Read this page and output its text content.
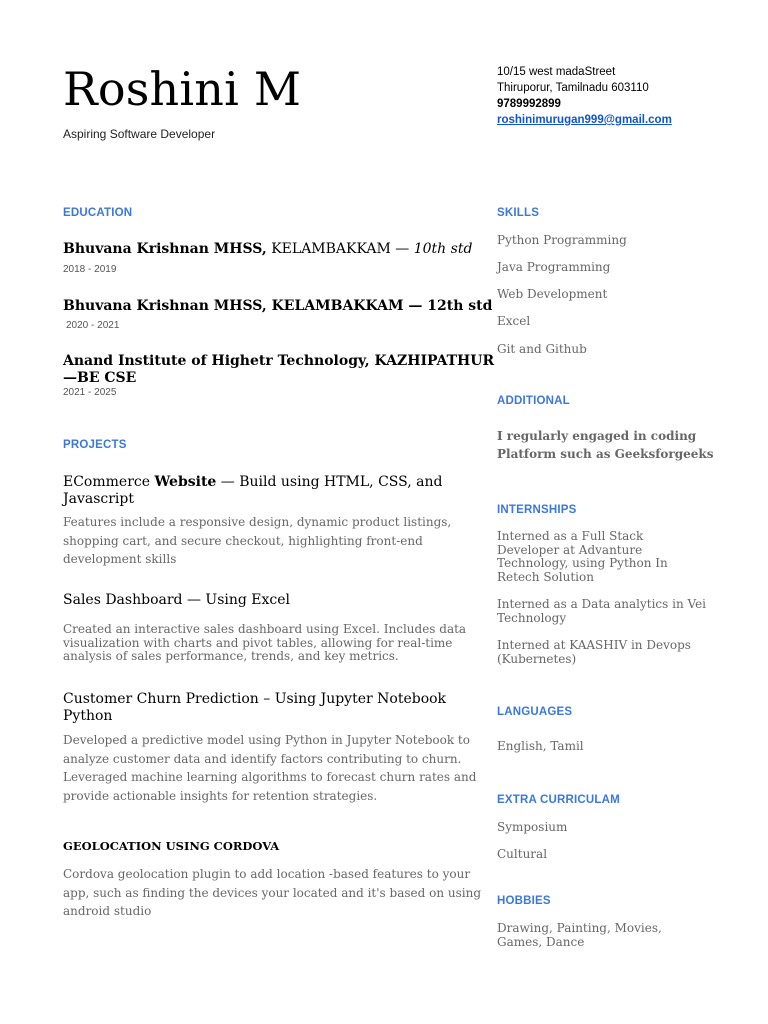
Roshini M
Aspiring Software Developer
10/15 west madaStreet
Thiruporur, Tamilnadu 603110
9789992899
roshinimurugan999@gmail.com
EDUCATION
Bhuvana Krishnan MHSS, KELAMBAKKAM — 10th std
2018 - 2019
Bhuvana Krishnan MHSS, KELAMBAKKAM — 12th std
2020 - 2021
Anand Institute of Highetr Technology, KAZHIPATHUR
—BE CSE
2021 - 2025
PROJECTS
ECommerce Website — Build using HTML, CSS, and
Javascript
Features include a responsive design, dynamic product listings,
shopping cart, and secure checkout, highlighting front-end
development skills
Sales Dashboard — Using Excel
Created an interactive sales dashboard using Excel. Includes data
visualization with charts and pivot tables, allowing for real-time
analysis of sales performance, trends, and key metrics.
Customer Churn Prediction – Using Jupyter Notebook
Python
Developed a predictive model using Python in Jupyter Notebook to
analyze customer data and identify factors contributing to churn.
Leveraged machine learning algorithms to forecast churn rates and
provide actionable insights for retention strategies.
GEOLOCATION USING CORDOVA
Cordova geolocation plugin to add location -based features to your
app, such as finding the devices your located and it's based on using
android studio
SKILLS
Python Programming
Java Programming
Web Development
Excel
Git and Github
ADDITIONAL
I regularly engaged in coding
Platform such as Geeksforgeeks
INTERNSHIPS
Interned as a Full Stack
Developer at Advanture
Technology, using Python In
Retech Solution
Interned as a Data analytics in Vei
Technology
Interned at KAASHIV in Devops
(Kubernetes)
LANGUAGES
English, Tamil
EXTRA CURRICULAM
Symposium
Cultural
HOBBIES
Drawing, Painting, Movies,
Games, Dance
